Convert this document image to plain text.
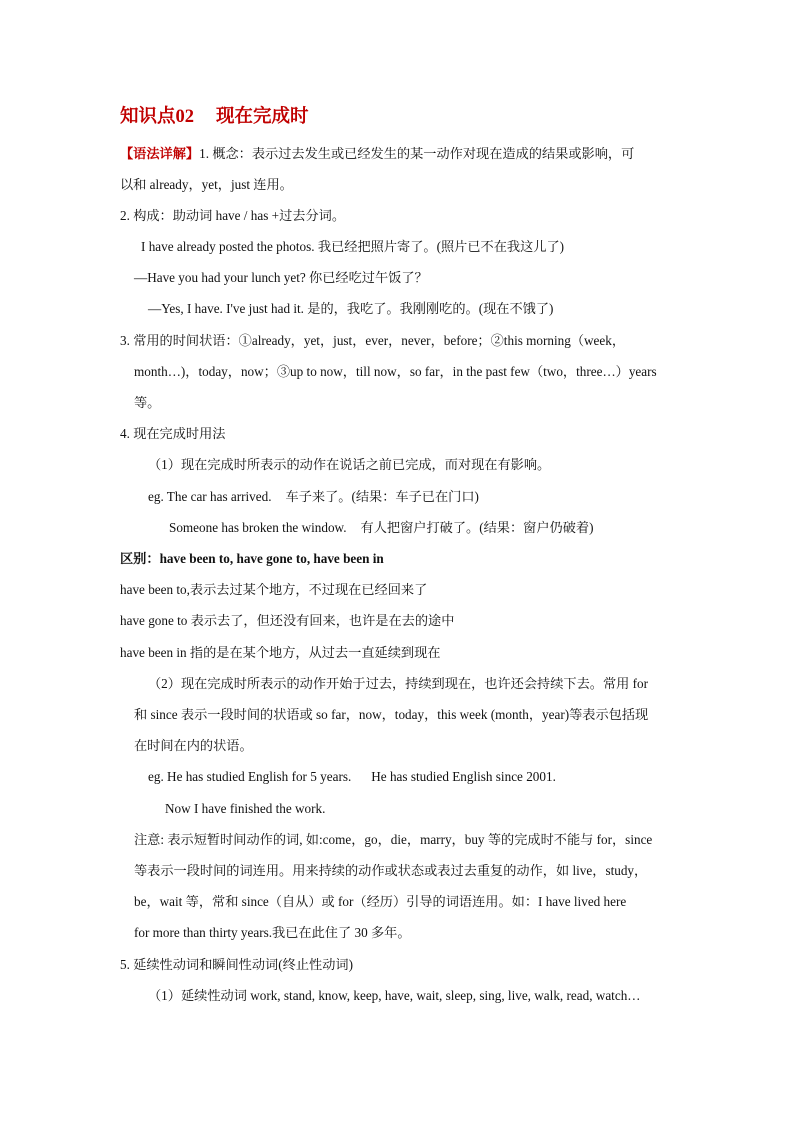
知识点02 现在完成时
【语法详解】1. 概念：表示过去发生或已经发生的某一动作对现在造成的结果或影响，可
以和 already，yet，just 连用。
2. 构成：助动词 have / has +过去分词。
I have already posted the photos. 我已经把照片寄了。(照片已不在我这儿了)
—Have you had your lunch yet? 你已经吃过午饭了？
—Yes, I have. I've just had it. 是的，我吃了。我刚刚吃的。(现在不饿了)
3. 常用的时间状语：①already，yet，just，ever，never，before；②this morning（week，
month…)，today，now；③up to now，till now，so far，in the past few（two，three…）years
等。
4. 现在完成时用法
（1）现在完成时所表示的动作在说话之前已完成，而对现在有影响。
eg. The car has arrived. 车子来了。(结果：车子已在门口)
Someone has broken the window. 有人把窗户打破了。(结果：窗户仍破着)
区别：have been to, have gone to, have been in
have been to,表示去过某个地方，不过现在已经回来了
have gone to 表示去了，但还没有回来，也许是在去的途中
have been in 指的是在某个地方，从过去一直延续到现在
（2）现在完成时所表示的动作开始于过去，持续到现在，也许还会持续下去。常用 for
和 since 表示一段时间的状语或 so far，now，today，this week (month，year)等表示包括现
在时间在内的状语。
eg. He has studied English for 5 years. He has studied English since 2001.
Now I have finished the work.
注意: 表示短暂时间动作的词, 如:come，go，die，marry，buy 等的完成时不能与 for，since
等表示一段时间的词连用。用来持续的动作或状态或表过去重复的动作，如 live，study，
be，wait 等，常和 since（自从）或 for（经历）引导的词语连用。如：I have lived here
for more than thirty years.我已在此住了 30 多年。
5. 延续性动词和瞬间性动词(终止性动词)
（1）延续性动词 work, stand, know, keep, have, wait, sleep, sing, live, walk, read, watch…
